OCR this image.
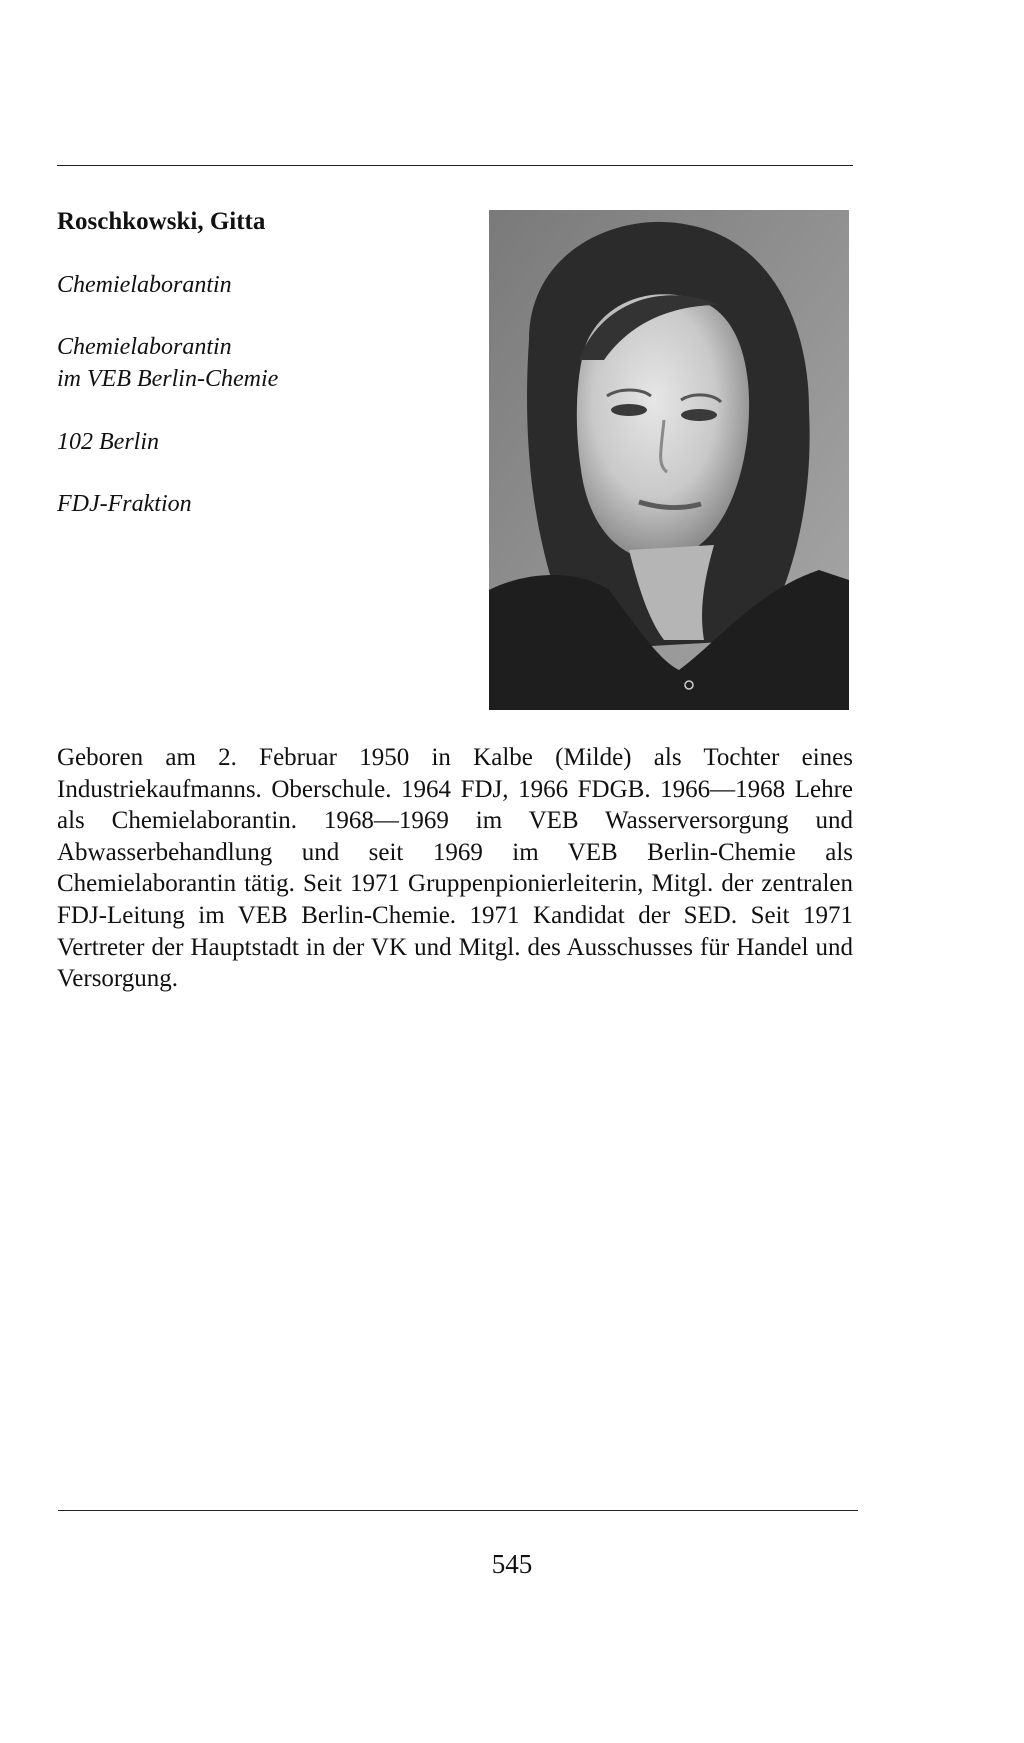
Roschkowski, Gitta
Chemielaborantin
Chemielaborantin
im VEB Berlin-Chemie
102 Berlin
FDJ-Fraktion

Geboren am 2. Februar 1950 in Kalbe (Milde) als Tochter eines Industriekaufmanns. Oberschule. 1964 FDJ, 1966 FDGB. 1966—1968 Lehre als Chemielaborantin. 1968—1969 im VEB Wasserversorgung und Abwasserbehandlung und seit 1969 im VEB Berlin-Chemie als Chemielaborantin tätig. Seit 1971 Gruppenpionierleiterin, Mitgl. der zentralen FDJ-Leitung im VEB Berlin-Chemie. 1971 Kandidat der SED. Seit 1971 Vertreter der Hauptstadt in der VK und Mitgl. des Ausschusses für Handel und Versorgung.

545
